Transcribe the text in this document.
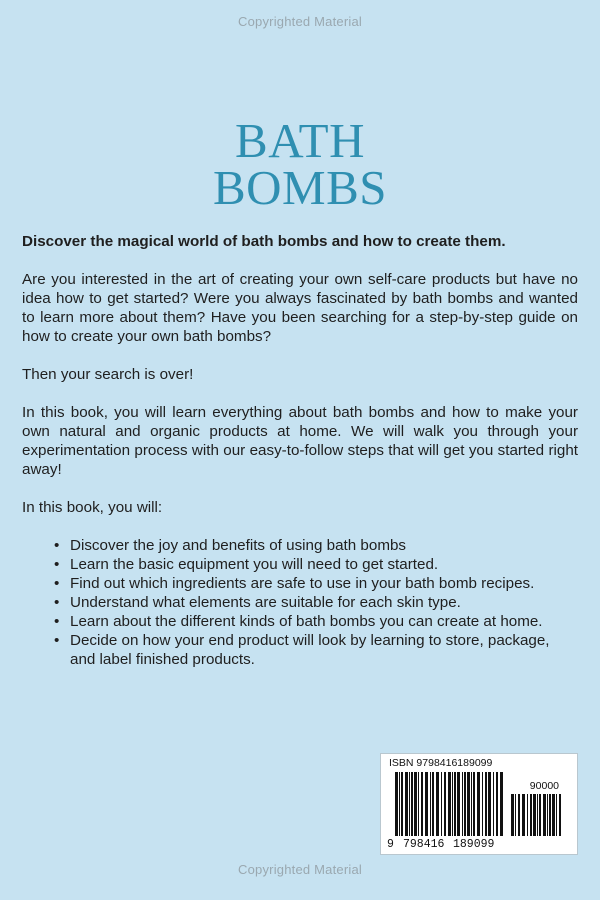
Copyrighted Material
BATH
BOMBS

Discover the magical world of bath bombs and how to create them.

Are you interested in the art of creating your own self-care products but have no idea how to get started? Were you always fascinated by bath bombs and wanted to learn more about them? Have you been searching for a step-by-step guide on how to create your own bath bombs?

Then your search is over!

In this book, you will learn everything about bath bombs and how to make your own natural and organic products at home. We will walk you through your experimentation process with our easy-to-follow steps that will get you started right away!

In this book, you will:

• Discover the joy and benefits of using bath bombs
• Learn the basic equipment you will need to get started.
• Find out which ingredients are safe to use in your bath bomb recipes.
• Understand what elements are suitable for each skin type.
• Learn about the different kinds of bath bombs you can create at home.
• Decide on how your end product will look by learning to store, package, and label finished products.
ISBN 9798416189099
90000
9 798416 189099
Copyrighted Material
